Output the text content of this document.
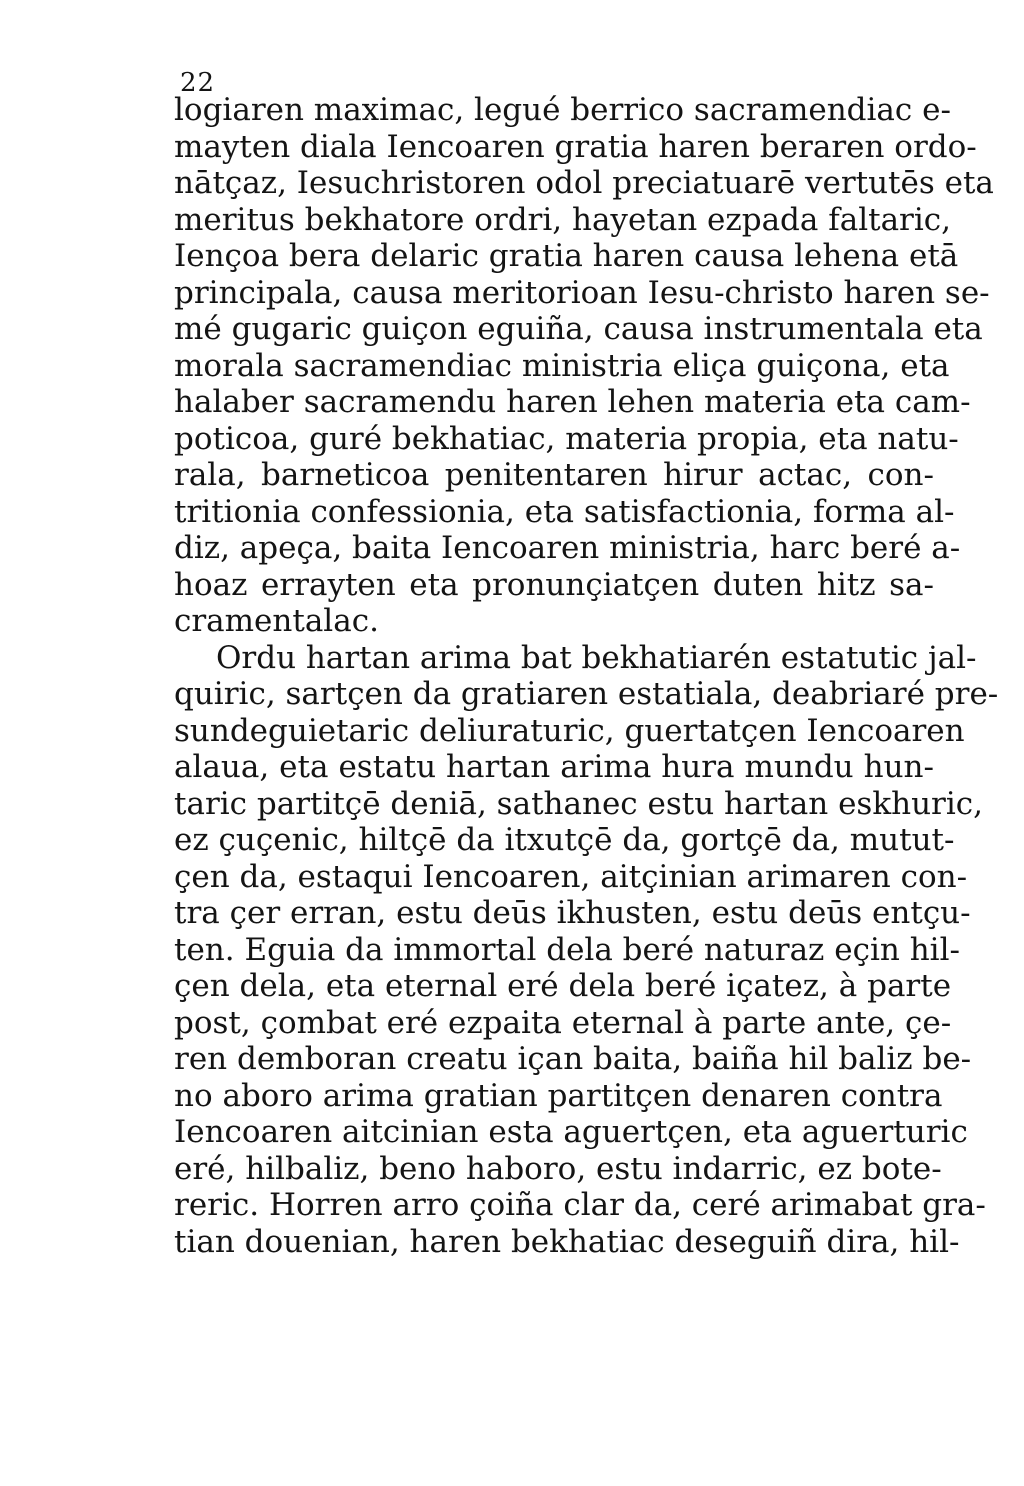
22
logiaren maximac, legué berrico sacramendiac e-
mayten diala Iencoaren gratia haren beraren ordo-
nātçaz, Iesuchristoren odol preciatuarē vertutēs eta
meritus bekhatore ordri, hayetan ezpada faltaric,
Iençoa bera delaric gratia haren causa lehena etā
principala, causa meritorioan Iesu-christo haren se-
mé gugaric guiçon eguiña, causa instrumentala eta
morala sacramendiac ministria eliça guiçona, eta
halaber sacramendu haren lehen materia eta cam-
poticoa, guré bekhatiac, materia propia, eta natu-
rala, barneticoa penitentaren hirur actac, con-
tritionia confessionia, eta satisfactionia, forma al-
diz, apeça, baita Iencoaren ministria, harc beré a-
hoaz errayten eta pronunçiatçen duten hitz sa-
cramentalac.
Ordu hartan arima bat bekhatiarén estatutic jal-
quiric, sartçen da gratiaren estatiala, deabriaré pre-
sundeguietaric deliuraturic, guertatçen Iencoaren
alaua, eta estatu hartan arima hura mundu hun-
taric partitçē deniā, sathanec estu hartan eskhuric,
ez çuçenic, hiltçē da itxutçē da, gortçē da, mutut-
çen da, estaqui Iencoaren, aitçinian arimaren con-
tra çer erran, estu deūs ikhusten, estu deūs entçu-
ten. Eguia da immortal dela beré naturaz eçin hil-
çen dela, eta eternal eré dela beré içatez, à parte
post, çombat eré ezpaita eternal à parte ante, çe-
ren demboran creatu içan baita, baiña hil baliz be-
no aboro arima gratian partitçen denaren contra
Iencoaren aitcinian esta aguertçen, eta aguerturic
eré, hilbaliz, beno haboro, estu indarric, ez bote-
reric. Horren arro çoiña clar da, ceré arimabat gra-
tian douenian, haren bekhatiac deseguiñ dira, hil-
